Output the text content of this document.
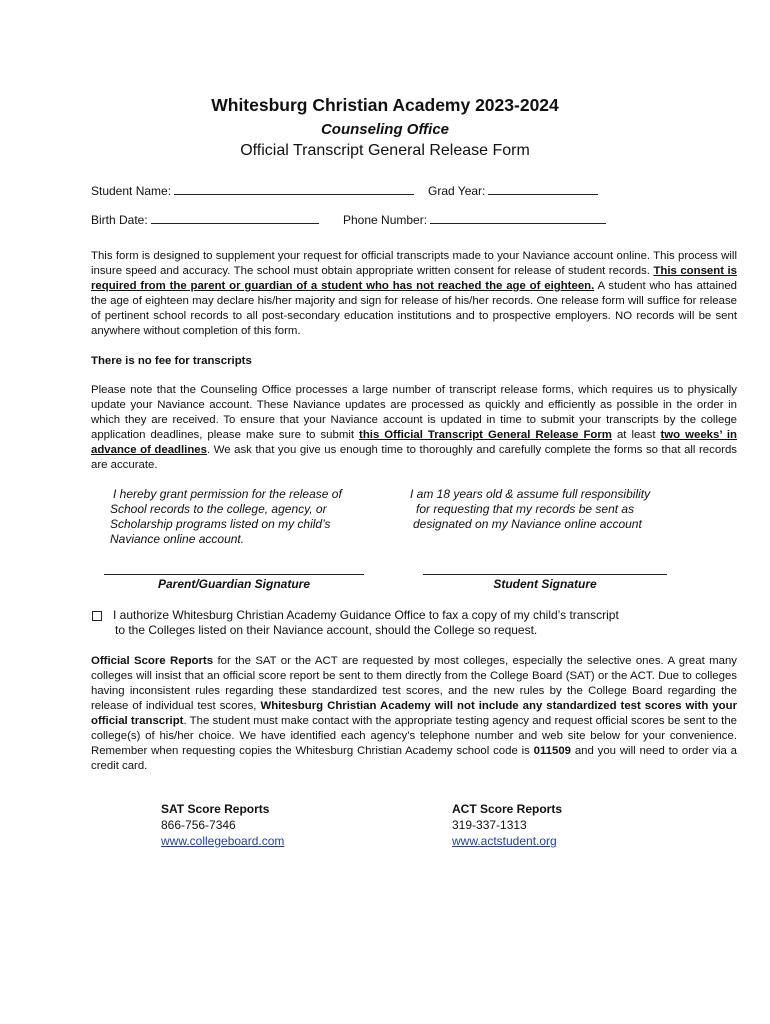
Whitesburg Christian Academy 2023-2024
Counseling Office
Official Transcript General Release Form
Student Name:	Grad Year:
Birth Date:	Phone Number:
This form is designed to supplement your request for official transcripts made to your Naviance account online. This process will insure speed and accuracy. The school must obtain appropriate written consent for release of student records. This consent is required from the parent or guardian of a student who has not reached the age of eighteen. A student who has attained the age of eighteen may declare his/her majority and sign for release of his/her records. One release form will suffice for release of pertinent school records to all post-secondary education institutions and to prospective employers. NO records will be sent anywhere without completion of this form.
There is no fee for transcripts
Please note that the Counseling Office processes a large number of transcript release forms, which requires us to physically update your Naviance account. These Naviance updates are processed as quickly and efficiently as possible in the order in which they are received. To ensure that your Naviance account is updated in time to submit your transcripts by the college application deadlines, please make sure to submit this Official Transcript General Release Form at least two weeks’ in advance of deadlines. We ask that you give us enough time to thoroughly and carefully complete the forms so that all records are accurate.
I hereby grant permission for the release of
School records to the college, agency, or
Scholarship programs listed on my child’s
Naviance online account.
I am 18 years old & assume full responsibility
for requesting that my records be sent as
designated on my Naviance online account
Parent/Guardian Signature	Student Signature
I authorize Whitesburg Christian Academy Guidance Office to fax a copy of my child’s transcript
to the Colleges listed on their Naviance account, should the College so request.
Official Score Reports for the SAT or the ACT are requested by most colleges, especially the selective ones. A great many colleges will insist that an official score report be sent to them directly from the College Board (SAT) or the ACT. Due to colleges having inconsistent rules regarding these standardized test scores, and the new rules by the College Board regarding the release of individual test scores, Whitesburg Christian Academy will not include any standardized test scores with your official transcript. The student must make contact with the appropriate testing agency and request official scores be sent to the college(s) of his/her choice. We have identified each agency’s telephone number and web site below for your convenience. Remember when requesting copies the Whitesburg Christian Academy school code is 011509 and you will need to order via a credit card.
SAT Score Reports
866-756-7346
www.collegeboard.com
ACT Score Reports
319-337-1313
www.actstudent.org
